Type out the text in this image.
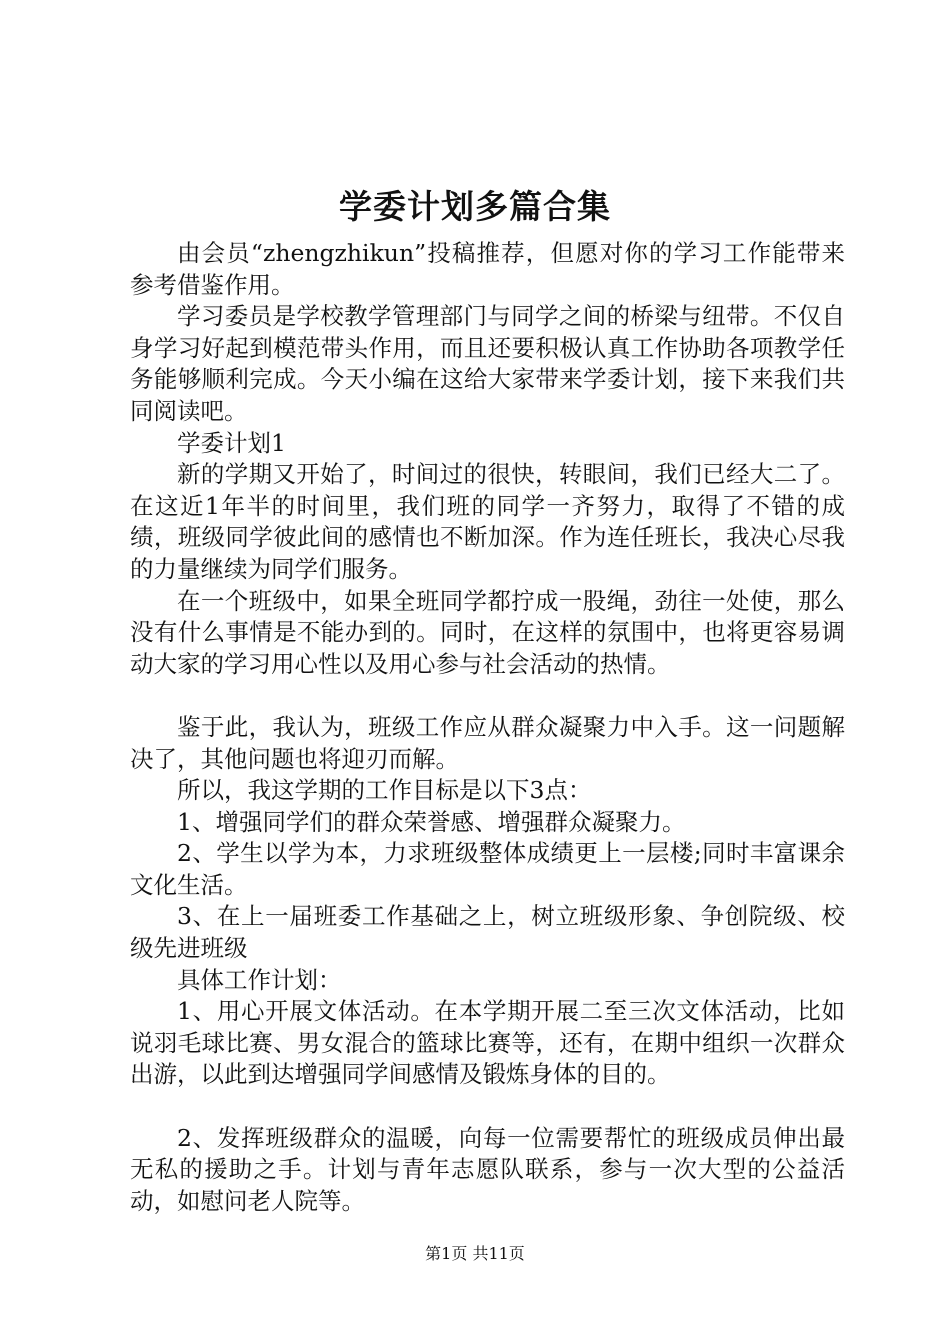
学委计划多篇合集

由会员“zhengzhikun”投稿推荐，但愿对你的学习工作能带来参考借鉴作用。

学习委员是学校教学管理部门与同学之间的桥梁与纽带。不仅自身学习好起到模范带头作用，而且还要积极认真工作协助各项教学任务能够顺利完成。今天小编在这给大家带来学委计划，接下来我们共同阅读吧。

学委计划1

新的学期又开始了，时间过的很快，转眼间，我们已经大二了。在这近1年半的时间里，我们班的同学一齐努力，取得了不错的成绩，班级同学彼此间的感情也不断加深。作为连任班长，我决心尽我的力量继续为同学们服务。

在一个班级中，如果全班同学都拧成一股绳，劲往一处使，那么没有什么事情是不能办到的。同时，在这样的氛围中，也将更容易调动大家的学习用心性以及用心参与社会活动的热情。

鉴于此，我认为，班级工作应从群众凝聚力中入手。这一问题解决了，其他问题也将迎刃而解。

所以，我这学期的工作目标是以下3点：

1、增强同学们的群众荣誉感、增强群众凝聚力。

2、学生以学为本，力求班级整体成绩更上一层楼;同时丰富课余文化生活。

3、在上一届班委工作基础之上，树立班级形象、争创院级、校级先进班级

具体工作计划：

1、用心开展文体活动。在本学期开展二至三次文体活动，比如说羽毛球比赛、男女混合的篮球比赛等，还有，在期中组织一次群众出游，以此到达增强同学间感情及锻炼身体的目的。

2、发挥班级群众的温暖，向每一位需要帮忙的班级成员伸出最无私的援助之手。计划与青年志愿队联系，参与一次大型的公益活动，如慰问老人院等。

第1页 共11页
